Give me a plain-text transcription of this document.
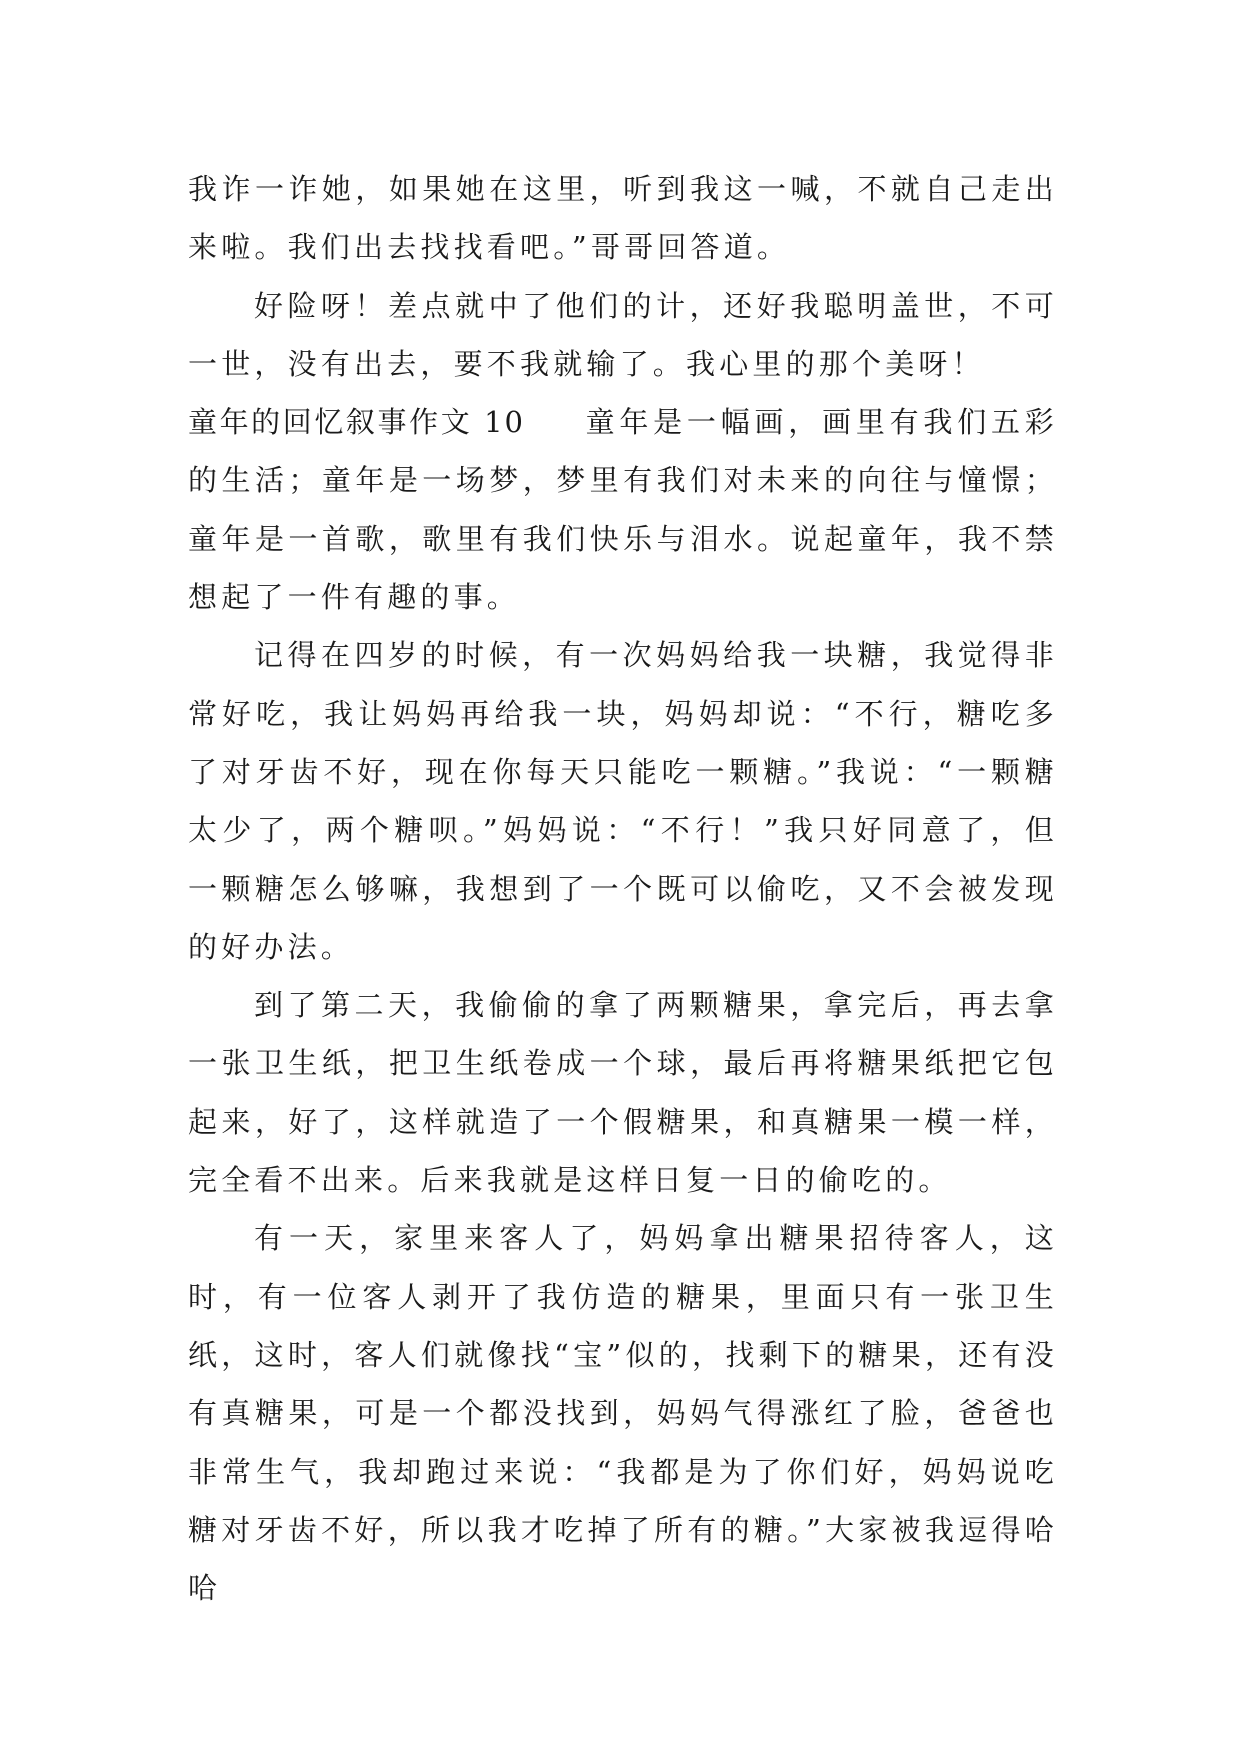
我诈一诈她，如果她在这里，听到我这一喊，不就自己走出来啦。我们出去找找看吧。”哥哥回答道。

好险呀！差点就中了他们的计，还好我聪明盖世，不可一世，没有出去，要不我就输了。我心里的那个美呀！

童年的回忆叙事作文 10 童年是一幅画，画里有我们五彩的生活；童年是一场梦，梦里有我们对未来的向往与憧憬；童年是一首歌，歌里有我们快乐与泪水。说起童年，我不禁想起了一件有趣的事。

记得在四岁的时候，有一次妈妈给我一块糖，我觉得非常好吃，我让妈妈再给我一块，妈妈却说：“不行，糖吃多了对牙齿不好，现在你每天只能吃一颗糖。”我说：“一颗糖太少了，两个糖呗。”妈妈说：“不行！”我只好同意了，但一颗糖怎么够嘛，我想到了一个既可以偷吃，又不会被发现的好办法。

到了第二天，我偷偷的拿了两颗糖果，拿完后，再去拿一张卫生纸，把卫生纸卷成一个球，最后再将糖果纸把它包起来，好了，这样就造了一个假糖果，和真糖果一模一样，完全看不出来。后来我就是这样日复一日的偷吃的。

有一天，家里来客人了，妈妈拿出糖果招待客人，这时，有一位客人剥开了我仿造的糖果，里面只有一张卫生纸，这时，客人们就像找“宝”似的，找剩下的糖果，还有没有真糖果，可是一个都没找到，妈妈气得涨红了脸，爸爸也非常生气，我却跑过来说：“我都是为了你们好，妈妈说吃糖对牙齿不好，所以我才吃掉了所有的糖。”大家被我逗得哈哈
